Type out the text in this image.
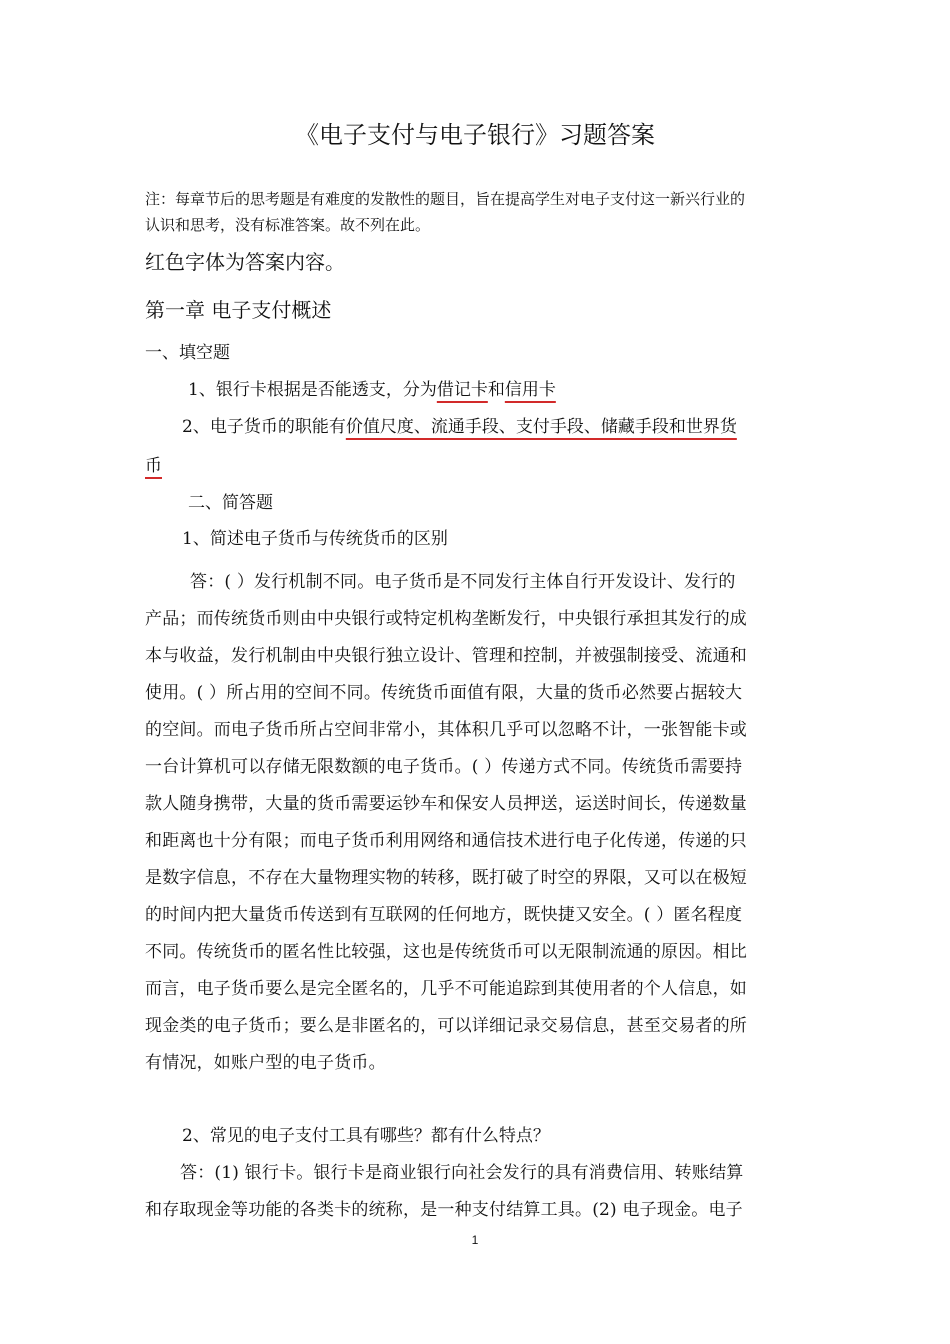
《电子支付与电子银行》习题答案
注：每章节后的思考题是有难度的发散性的题目，旨在提高学生对电子支付这一新兴行业的
认识和思考，没有标准答案。故不列在此。
红色字体为答案内容。
第一章 电子支付概述
一、填空题
1、银行卡根据是否能透支，分为借记卡和信用卡
2、电子货币的职能有价值尺度、流通手段、支付手段、储藏手段和世界货
币
二、简答题
1、简述电子货币与传统货币的区别
答：( ）发行机制不同。电子货币是不同发行主体自行开发设计、发行的
产品；而传统货币则由中央银行或特定机构垄断发行，中央银行承担其发行的成
本与收益，发行机制由中央银行独立设计、管理和控制，并被强制接受、流通和
使用。( ）所占用的空间不同。传统货币面值有限，大量的货币必然要占据较大
的空间。而电子货币所占空间非常小，其体积几乎可以忽略不计，一张智能卡或
一台计算机可以存储无限数额的电子货币。( ）传递方式不同。传统货币需要持
款人随身携带，大量的货币需要运钞车和保安人员押送，运送时间长，传递数量
和距离也十分有限；而电子货币利用网络和通信技术进行电子化传递，传递的只
是数字信息，不存在大量物理实物的转移，既打破了时空的界限，又可以在极短
的时间内把大量货币传送到有互联网的任何地方，既快捷又安全。( ）匿名程度
不同。传统货币的匿名性比较强，这也是传统货币可以无限制流通的原因。相比
而言，电子货币要么是完全匿名的，几乎不可能追踪到其使用者的个人信息，如
现金类的电子货币；要么是非匿名的，可以详细记录交易信息，甚至交易者的所
有情况，如账户型的电子货币。
2、常见的电子支付工具有哪些？都有什么特点？
答：(1) 银行卡。银行卡是商业银行向社会发行的具有消费信用、转账结算
和存取现金等功能的各类卡的统称，是一种支付结算工具。(2) 电子现金。电子
1
